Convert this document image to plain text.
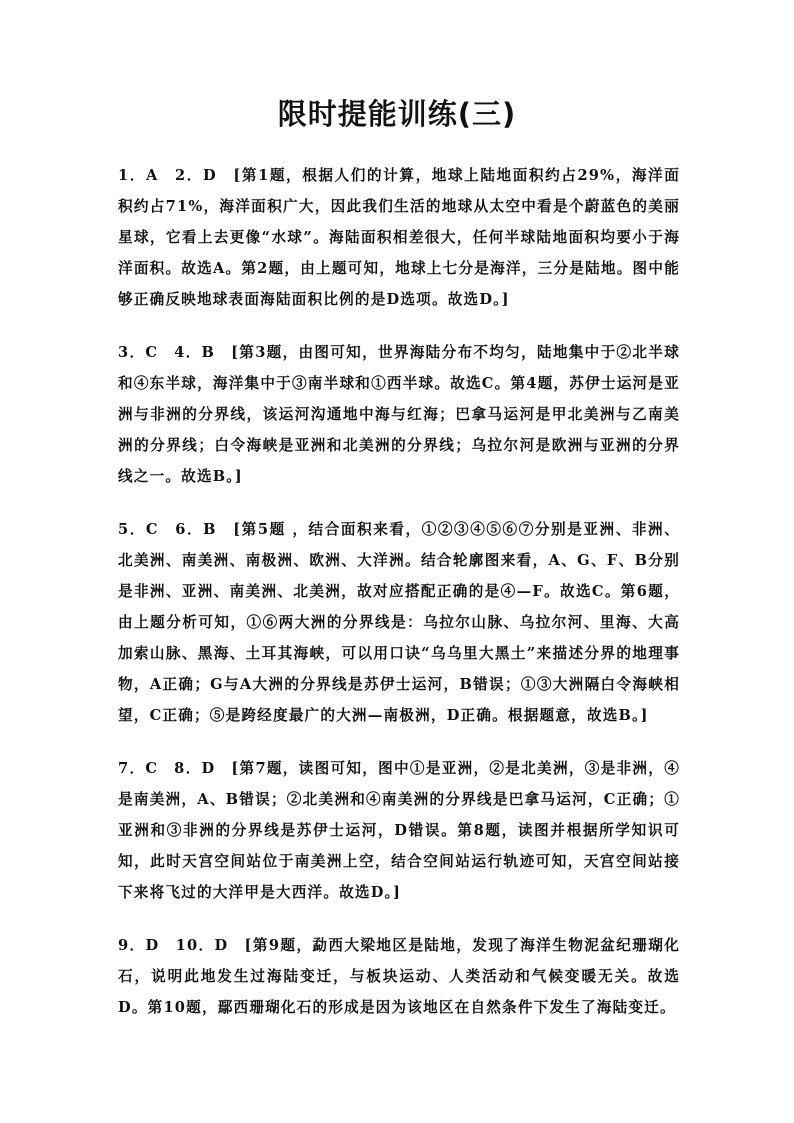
限时提能训练(三)

1．A　2．D　[第1题，根据人们的计算，地球上陆地面积约占29%，海洋面积约占71%，海洋面积广大，因此我们生活的地球从太空中看是个蔚蓝色的美丽星球，它看上去更像“水球”。海陆面积相差很大，任何半球陆地面积均要小于海洋面积。故选A。第2题，由上题可知，地球上七分是海洋，三分是陆地。图中能够正确反映地球表面海陆面积比例的是D选项。故选D。]

3．C　4．B　[第3题，由图可知，世界海陆分布不均匀，陆地集中于②北半球和④东半球，海洋集中于③南半球和①西半球。故选C。第4题，苏伊士运河是亚洲与非洲的分界线，该运河沟通地中海与红海；巴拿马运河是甲北美洲与乙南美洲的分界线；白令海峡是亚洲和北美洲的分界线；乌拉尔河是欧洲与亚洲的分界线之一。故选B。]

5．C　6．B　[第5题 ，结合面积来看，①②③④⑤⑥⑦分别是亚洲、非洲、北美洲、南美洲、南极洲、欧洲、大洋洲。结合轮廓图来看，A、G、F、B分别是非洲、亚洲、南美洲、北美洲，故对应搭配正确的是④—F。故选C。第6题，由上题分析可知，①⑥两大洲的分界线是：乌拉尔山脉、乌拉尔河、里海、大高加索山脉、黑海、土耳其海峡，可以用口诀“乌乌里大黑土”来描述分界的地理事物，A正确；G与A大洲的分界线是苏伊士运河，B错误；①③大洲隔白令海峡相望，C正确；⑤是跨经度最广的大洲—南极洲，D正确。根据题意，故选B。]

7．C　8．D　[第7题，读图可知，图中①是亚洲，②是北美洲，③是非洲，④是南美洲，A、B错误；②北美洲和④南美洲的分界线是巴拿马运河，C正确；①亚洲和③非洲的分界线是苏伊士运河，D错误。第8题，读图并根据所学知识可知，此时天宫空间站位于南美洲上空，结合空间站运行轨迹可知，天宫空间站接下来将飞过的大洋甲是大西洋。故选D。]

9．D　10．D　[第9题，勐西大梁地区是陆地，发现了海洋生物泥盆纪珊瑚化石，说明此地发生过海陆变迁，与板块运动、人类活动和气候变暖无关。故选D。第10题，鄢西珊瑚化石的形成是因为该地区在自然条件下发生了海陆变迁。
